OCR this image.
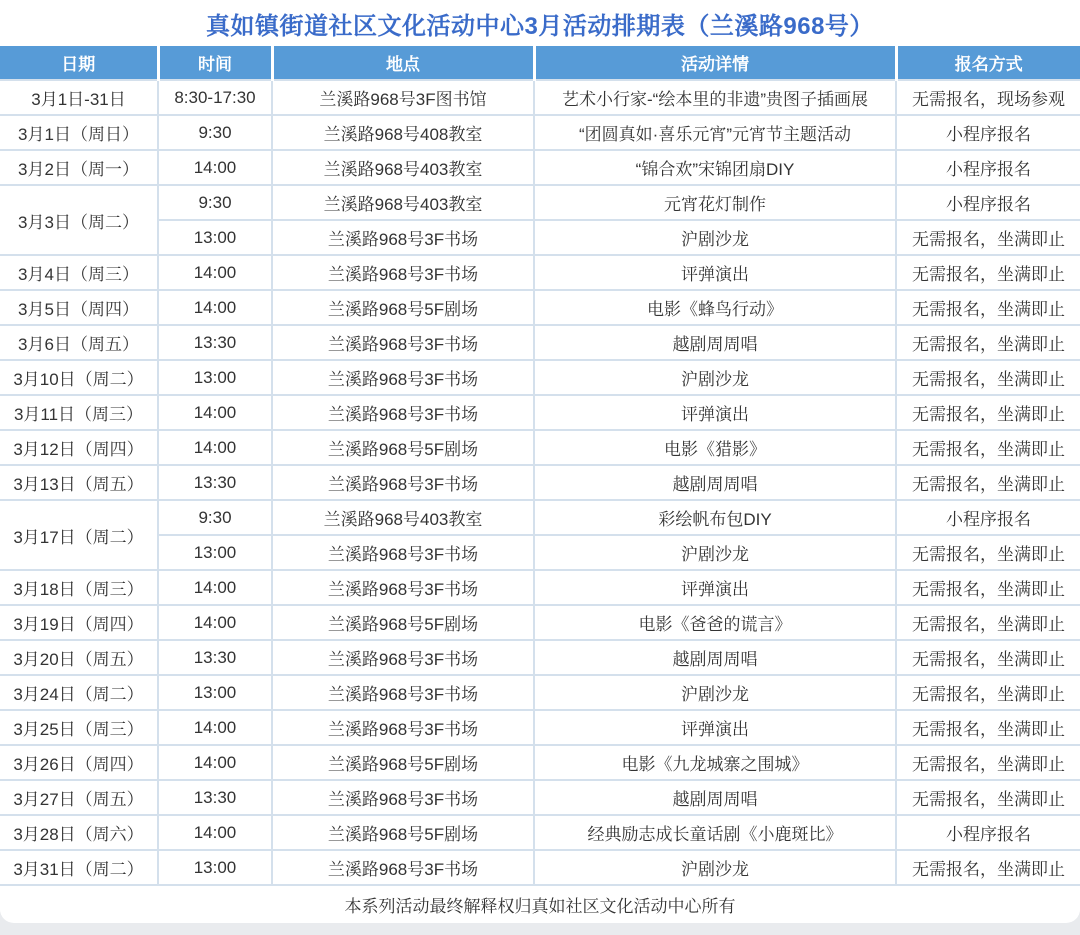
真如镇街道社区文化活动中心3月活动排期表（兰溪路968号）
日期	时间	地点	活动详情	报名方式
3月1日-31日	8:30-17:30	兰溪路968号3F图书馆	艺术小行家-“绘本里的非遗”贵图子插画展	无需报名，现场参观
3月1日（周日）	9:30	兰溪路968号408教室	“团圆真如·喜乐元宵”元宵节主题活动	小程序报名
3月2日（周一）	14:00	兰溪路968号403教室	“锦合欢”宋锦团扇DIY	小程序报名
3月3日（周二）	9:30	兰溪路968号403教室	元宵花灯制作	小程序报名
	13:00	兰溪路968号3F书场	沪剧沙龙	无需报名，坐满即止
3月4日（周三）	14:00	兰溪路968号3F书场	评弹演出	无需报名，坐满即止
3月5日（周四）	14:00	兰溪路968号5F剧场	电影《蜂鸟行动》	无需报名，坐满即止
3月6日（周五）	13:30	兰溪路968号3F书场	越剧周周唱	无需报名，坐满即止
3月10日（周二）	13:00	兰溪路968号3F书场	沪剧沙龙	无需报名，坐满即止
3月11日（周三）	14:00	兰溪路968号3F书场	评弹演出	无需报名，坐满即止
3月12日（周四）	14:00	兰溪路968号5F剧场	电影《猎影》	无需报名，坐满即止
3月13日（周五）	13:30	兰溪路968号3F书场	越剧周周唱	无需报名，坐满即止
3月17日（周二）	9:30	兰溪路968号403教室	彩绘帆布包DIY	小程序报名
	13:00	兰溪路968号3F书场	沪剧沙龙	无需报名，坐满即止
3月18日（周三）	14:00	兰溪路968号3F书场	评弹演出	无需报名，坐满即止
3月19日（周四）	14:00	兰溪路968号5F剧场	电影《爸爸的谎言》	无需报名，坐满即止
3月20日（周五）	13:30	兰溪路968号3F书场	越剧周周唱	无需报名，坐满即止
3月24日（周二）	13:00	兰溪路968号3F书场	沪剧沙龙	无需报名，坐满即止
3月25日（周三）	14:00	兰溪路968号3F书场	评弹演出	无需报名，坐满即止
3月26日（周四）	14:00	兰溪路968号5F剧场	电影《九龙城寨之围城》	无需报名，坐满即止
3月27日（周五）	13:30	兰溪路968号3F书场	越剧周周唱	无需报名，坐满即止
3月28日（周六）	14:00	兰溪路968号5F剧场	经典励志成长童话剧《小鹿斑比》	小程序报名
3月31日（周二）	13:00	兰溪路968号3F书场	沪剧沙龙	无需报名，坐满即止
本系列活动最终解释权归真如社区文化活动中心所有				
